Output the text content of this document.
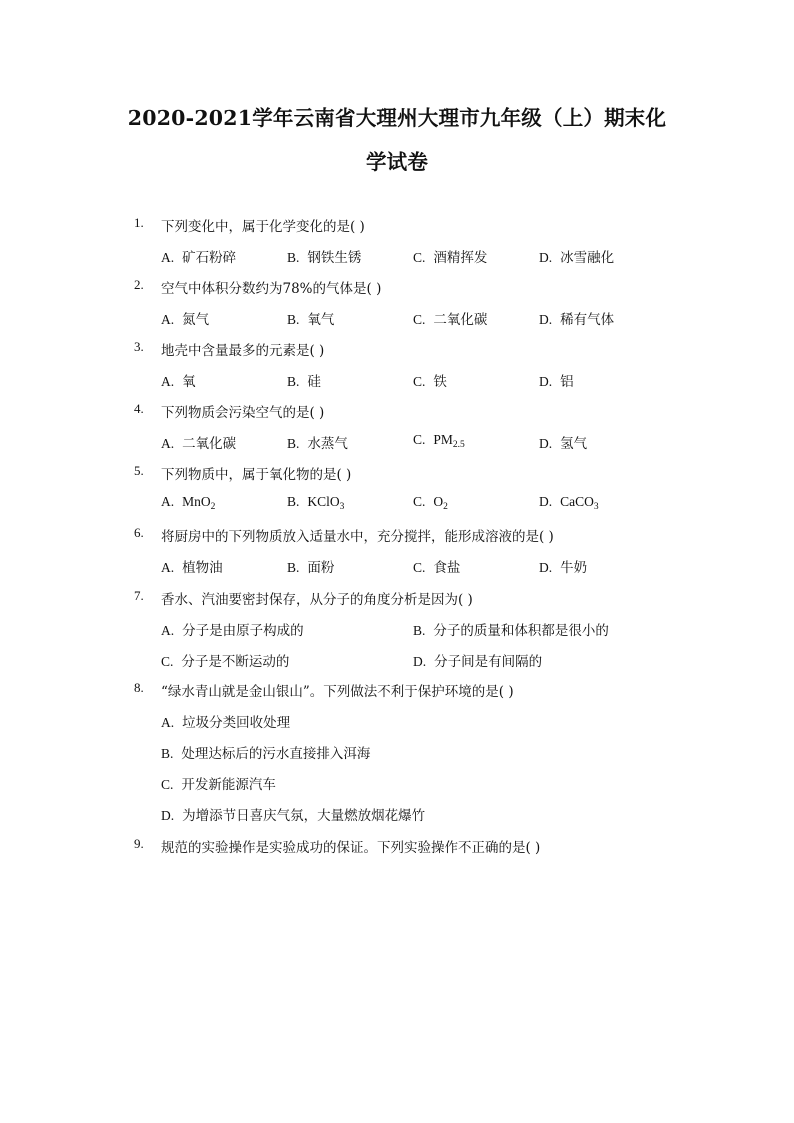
2020-2021学年云南省大理州大理市九年级（上）期末化
学试卷
1. 下列变化中，属于化学变化的是( )
A. 矿石粉碎	B. 钢铁生锈	C. 酒精挥发	D. 冰雪融化
2. 空气中体积分数约为78%的气体是( )
A. 氮气	B. 氧气	C. 二氧化碳	D. 稀有气体
3. 地壳中含量最多的元素是( )
A. 氧	B. 硅	C. 铁	D. 铝
4. 下列物质会污染空气的是( )
A. 二氧化碳	B. 水蒸气	C. $PM_{2.5}$	D. 氢气
5. 下列物质中，属于氧化物的是( )
A. MnO$_2$	B. KClO$_3$	C. $O_2$	D. CaCO$_3$
6. 将厨房中的下列物质放入适量水中，充分搅拌，能形成溶液的是( )
A. 植物油	B. 面粉	C. 食盐	D. 牛奶
7. 香水、汽油要密封保存，从分子的角度分析是因为( )
A. 分子是由原子构成的	B. 分子的质量和体积都是很小的
C. 分子是不断运动的	D. 分子间是有间隔的
8. “绿水青山就是金山银山”。下列做法不利于保护环境的是( )
A. 垃圾分类回收处理
B. 处理达标后的污水直接排入洱海
C. 开发新能源汽车
D. 为增添节日喜庆气氛，大量燃放烟花爆竹
9. 规范的实验操作是实验成功的保证。下列实验操作不正确的是( )
